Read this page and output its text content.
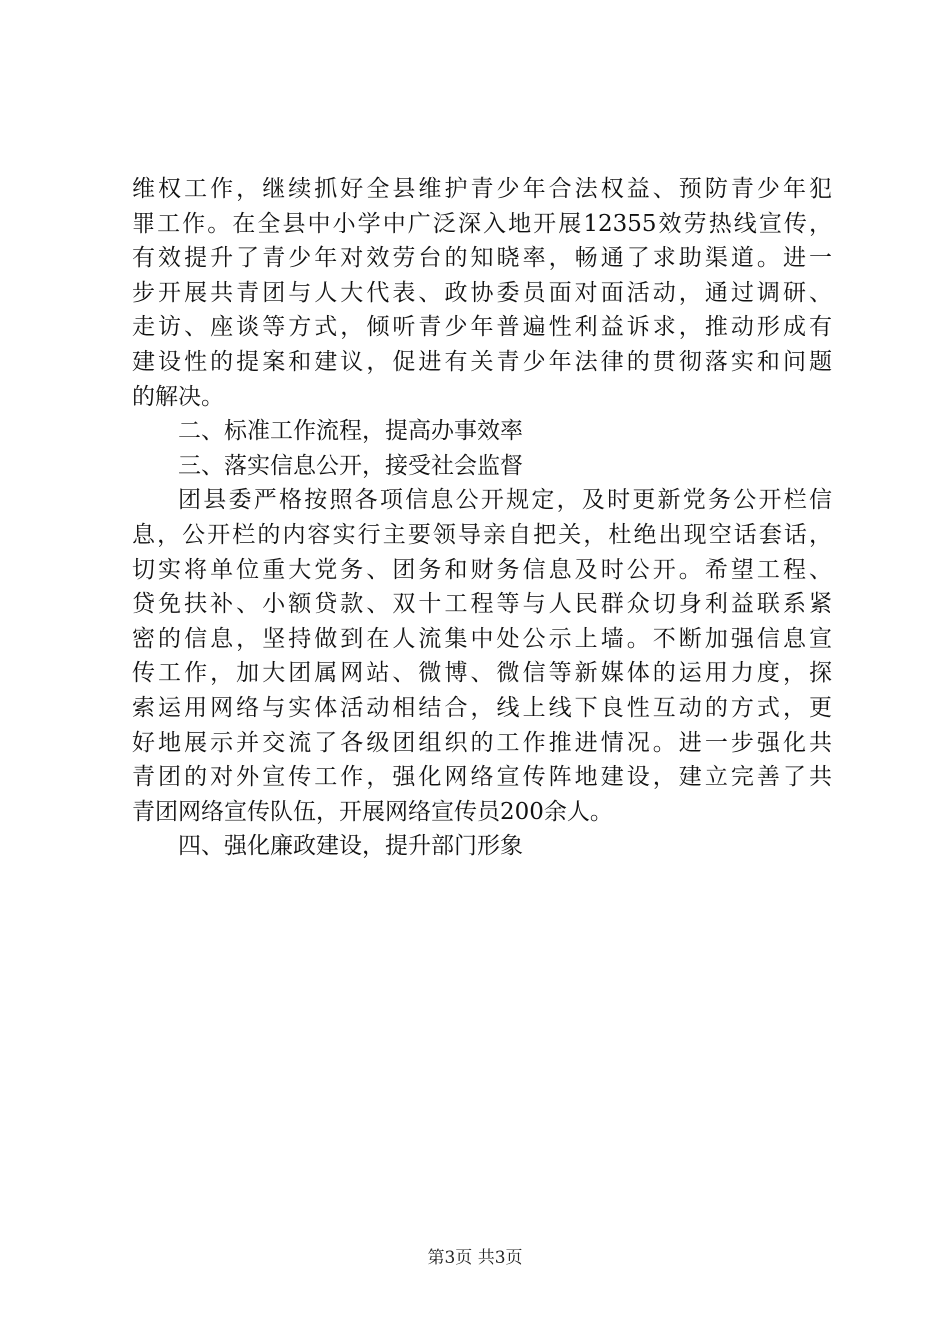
维权工作，继续抓好全县维护青少年合法权益、预防青少年犯
罪工作。在全县中小学中广泛深入地开展12355效劳热线宣传，
有效提升了青少年对效劳台的知晓率，畅通了求助渠道。进一
步开展共青团与人大代表、政协委员面对面活动，通过调研、
走访、座谈等方式，倾听青少年普遍性利益诉求，推动形成有
建设性的提案和建议，促进有关青少年法律的贯彻落实和问题
的解决。
二、标准工作流程，提高办事效率
三、落实信息公开，接受社会监督
团县委严格按照各项信息公开规定，及时更新党务公开栏信
息，公开栏的内容实行主要领导亲自把关，杜绝出现空话套话，
切实将单位重大党务、团务和财务信息及时公开。希望工程、
贷免扶补、小额贷款、双十工程等与人民群众切身利益联系紧
密的信息，坚持做到在人流集中处公示上墙。不断加强信息宣
传工作，加大团属网站、微博、微信等新媒体的运用力度，探
索运用网络与实体活动相结合，线上线下良性互动的方式，更
好地展示并交流了各级团组织的工作推进情况。进一步强化共
青团的对外宣传工作，强化网络宣传阵地建设，建立完善了共
青团网络宣传队伍，开展网络宣传员200余人。
四、强化廉政建设，提升部门形象
第3页 共3页
